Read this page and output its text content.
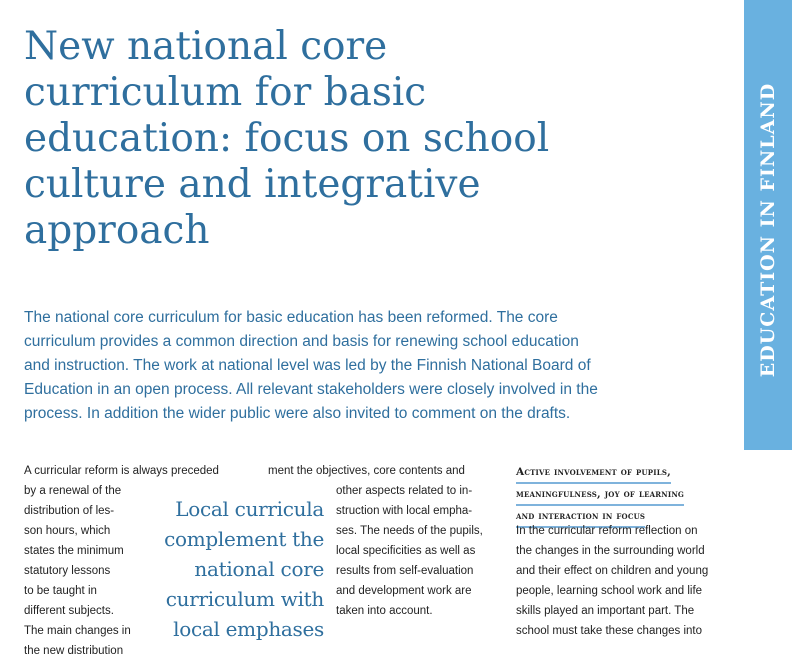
New national core
curriculum for basic
education: focus on school
culture and integrative
approach	EDUCATION IN FINLAND
The national core curriculum for basic education has been reformed. The core
curriculum provides a common direction and basis for renewing school education
and instruction. The work at national level was led by the Finnish National Board of
Education in an open process. All relevant stakeholders were closely involved in the
process. In addition the wider public were also invited to comment on the drafts.
A curricular reform is always preceded
by a renewal of the
distribution of les-
son hours, which
states the minimum
statutory lessons
to be taught in
different subjects.
The main changes in
the new distribution
ment the objectives, core contents and
other aspects related to in-
struction with local empha-
ses. The needs of the pupils,
local specificities as well as
results from self-evaluation
and development work are
taken into account.
Local curricula
complement the
national core
curriculum with
local emphases
Active involvement of pupils,
meaningfulness, joy of learning
and interaction in focus
In the curricular reform reflection on
the changes in the surrounding world
and their effect on children and young
people, learning school work and life
skills played an important part. The
school must take these changes into
